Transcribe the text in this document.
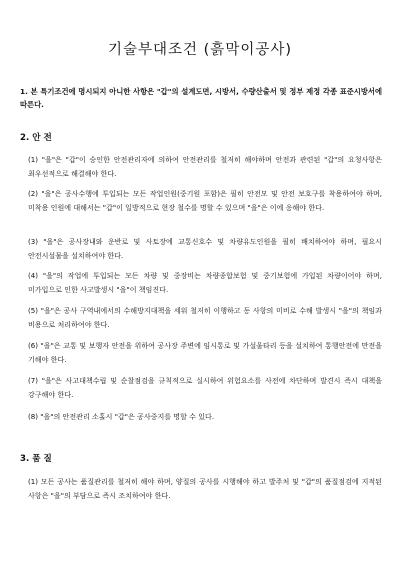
기술부대조건 (흙막이공사)
1. 본 특기조건에 명시되지 아니한 사항은 "갑"의 설계도면, 시방서, 수량산출서 및 정부 제정 각종 표준시방서에 따른다.
2. 안 전
(1) "을"은 "갑"이 승인한 안전관리자에 의하여 안전관리를 철저히 해야하며 안전과 관련된 "갑"의 요청사항은 최우선적으로 해결해야 한다.
(2) "을"은 공사수행에 투입되는 모든 작업인원(중기원 포함)은 필히 안전모 및 안전 보호구를 착용하여야 하며, 미착용 인원에 대해서는 "갑"이 일방적으로 현장 철수를 명할 수 있으며 "을"은 이에 응해야 한다.
(3) "을"은 공사장내와 운반로 및 사토장에 교통신호수 및 차량유도인원을 필히 배치하여야 하며, 필요시 안전시설물을 설치하여야 한다.
(4) "을"의 작업에 투입되는 모든 차량 및 중장비는 차량종합보험 및 중기보험에 가입된 차량이어야 하며, 미가입으로 인한 사고발생시 "을"이 책임진다.
(5) "을"은 공사 구역내에서의 수해방지대책을 세워 철저히 이행하고 동 사항의 미비로 수해 발생시 "을"의 책임과 비용으로 처리하여야 한다.
(6) "을"은 교통 및 보행자 안전을 위하여 공사장 주변에 임시통로 및 가설울타리 등을 설치하여 통행안전에 만전을 기해야 한다.
(7) "을"은 사고대책수립 및 순찰점검을 규칙적으로 실시하여 위험요소를 사전에 차단하며 발견시 즉시 대책을 강구해야 한다.
(8) "을"의 안전관리 소홀시 "갑"은 공사중지를 명할 수 있다.
3. 품 질
(1) 모든 공사는 품질관리를 철저히 해야 하며, 양질의 공사를 시행해야 하고 발주처 및 "갑"의 품질점검에 지적된 사항은 "을"의 부담으로 즉시 조치하여야 한다.
